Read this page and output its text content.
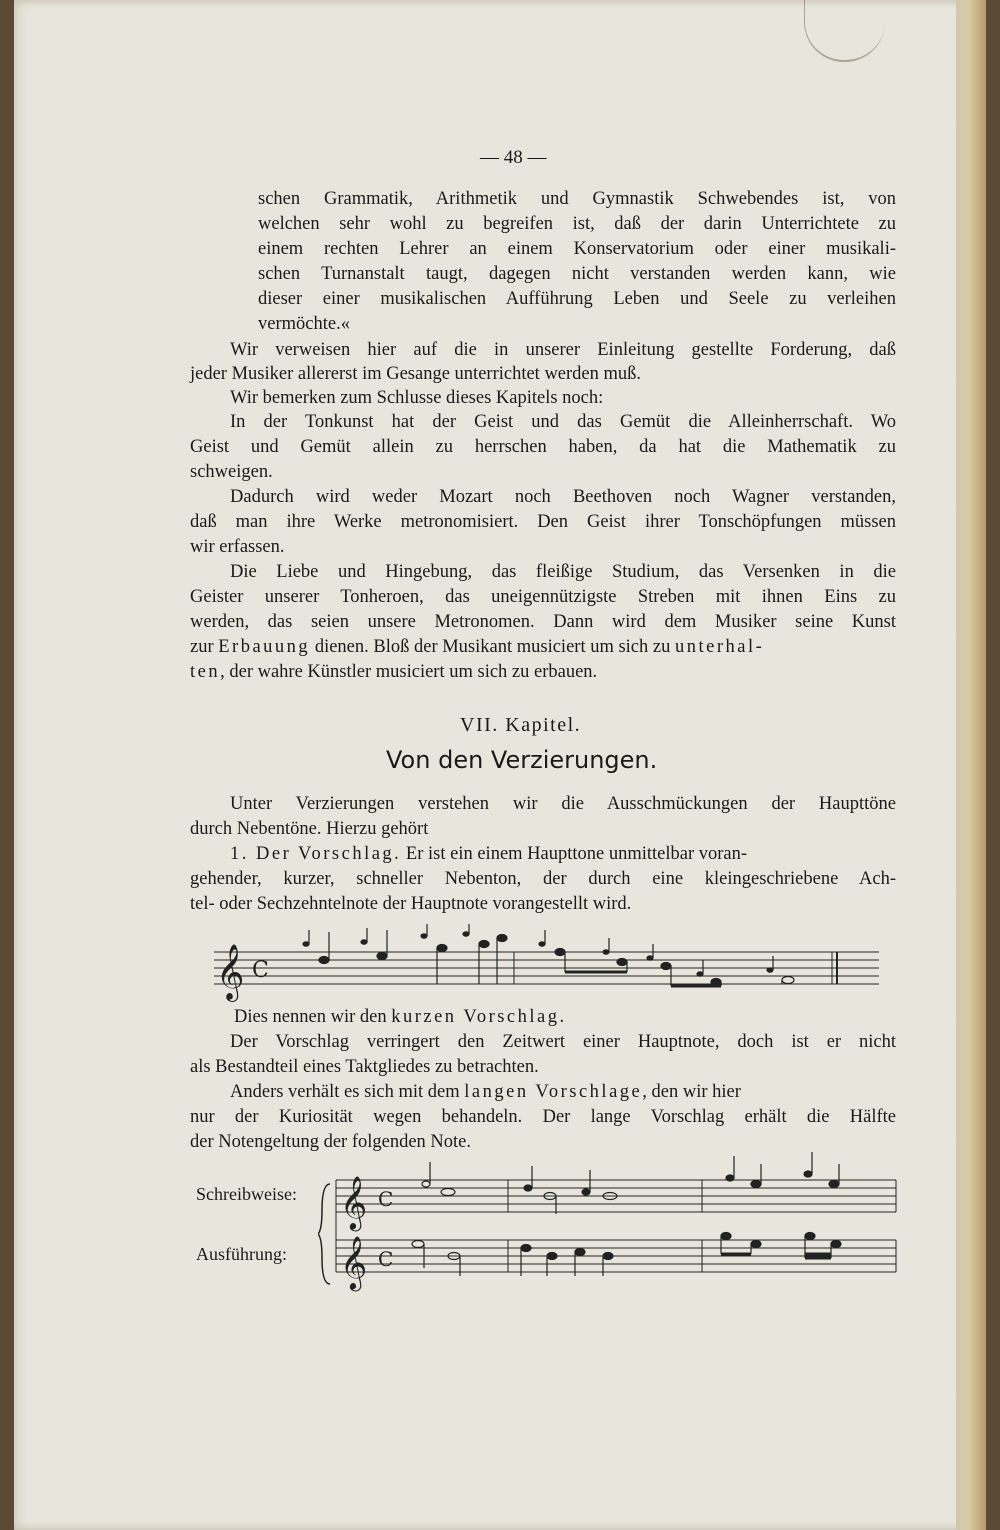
— 48 —
schen Grammatik, Arithmetik und Gymnastik Schwebendes ist, von
welchen sehr wohl zu begreifen ist, daß der darin Unterrichtete zu
einem rechten Lehrer an einem Konservatorium oder einer musikali-
schen Turnanstalt taugt, dagegen nicht verstanden werden kann, wie
dieser einer musikalischen Aufführung Leben und Seele zu verleihen
vermöchte.«
Wir verweisen hier auf die in unserer Einleitung gestellte Forderung, daß
jeder Musiker allererst im Gesange unterrichtet werden muß.
Wir bemerken zum Schlusse dieses Kapitels noch:
In der Tonkunst hat der Geist und das Gemüt die Alleinherrschaft. Wo
Geist und Gemüt allein zu herrschen haben, da hat die Mathematik zu
schweigen.
Dadurch wird weder Mozart noch Beethoven noch Wagner verstanden,
daß man ihre Werke metronomisiert. Den Geist ihrer Tonschöpfungen müssen
wir erfassen.
Die Liebe und Hingebung, das fleißige Studium, das Versenken in die
Geister unserer Tonheroen, das uneigennützigste Streben mit ihnen Eins zu
werden, das seien unsere Metronomen. Dann wird dem Musiker seine Kunst
zur Erbauung dienen. Bloß der Musikant musiciert um sich zu unterhal-
ten, der wahre Künstler musiciert um sich zu erbauen.
VII. Kapitel.
Von den Verzierungen.
Unter Verzierungen verstehen wir die Ausschmückungen der Haupttöne
durch Nebentöne. Hierzu gehört
1. Der Vorschlag. Er ist ein einem Haupttone unmittelbar voran-
gehender, kurzer, schneller Nebenton, der durch eine kleingeschriebene Ach-
tel- oder Sechzehntelnote der Hauptnote vorangestellt wird.
𝄞 C
Dies nennen wir den kurzen Vorschlag.
Der Vorschlag verringert den Zeitwert einer Hauptnote, doch ist er nicht
als Bestandteil eines Taktgliedes zu betrachten.
Anders verhält es sich mit dem langen Vorschlage, den wir hier
nur der Kuriosität wegen behandeln. Der lange Vorschlag erhält die Hälfte
der Notengeltung der folgenden Note.
Schreibweise:
Ausführung:
𝄞
𝄞
C
C
